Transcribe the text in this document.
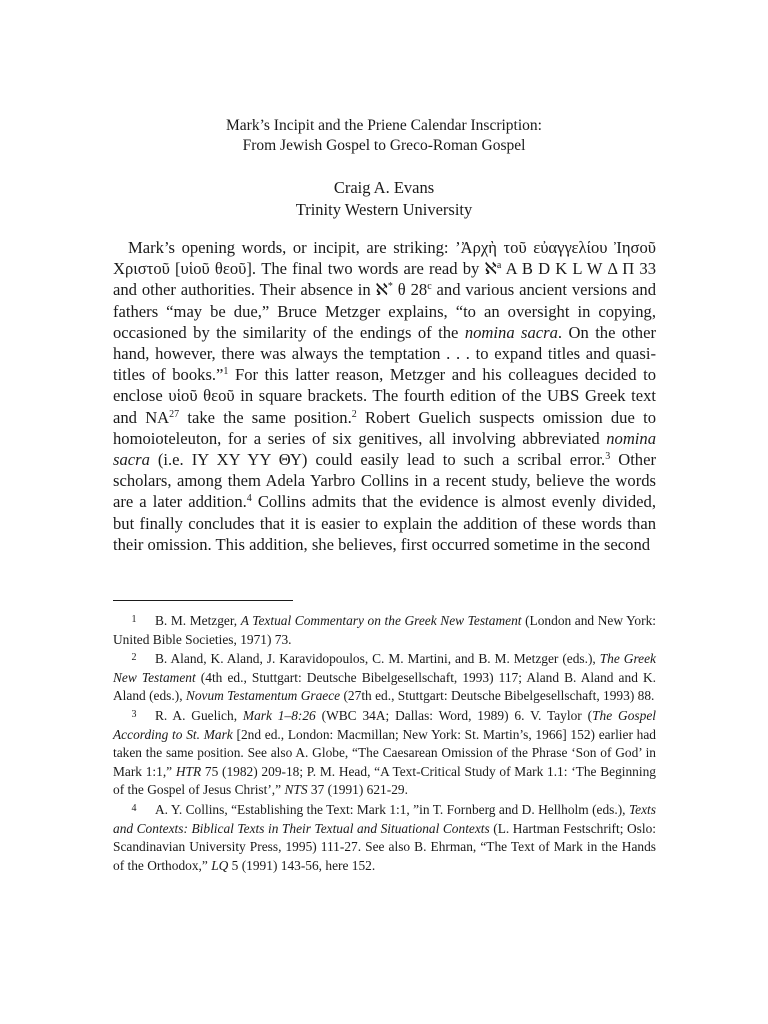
Mark’s Incipit and the Priene Calendar Inscription:
From Jewish Gospel to Greco-Roman Gospel
Craig A. Evans
Trinity Western University

Mark’s opening words, or incipit, are striking: ’Ἀρχὴ τοῦ εὐαγγελίου Ἰησοῦ Χριστοῦ [υἱοῦ θεοῦ]. The final two words are read by ℵ$^a$ A B D K L W Δ Π 33 and other authorities. Their absence in ℵ* θ 28$^c$ and various ancient versions and fathers “may be due,” Bruce Metzger explains, “to an oversight in copying, occasioned by the similarity of the endings of the nomina sacra. On the other hand, however, there was always the temptation . . . to expand titles and quasi-titles of books.”$^1$ For this latter reason, Metzger and his colleagues decided to enclose υἱοῦ θεοῦ in square brackets. The fourth edition of the UBS Greek text and NA$^{27}$ take the same position.$^2$ Robert Guelich suspects omission due to homoioteleuton, for a series of six genitives, all involving abbreviated nomina sacra (i.e. ΙΥ ΧΥ ΥΥ ΘΥ) could easily lead to such a scribal error.$^3$ Other scholars, among them Adela Yarbro Collins in a recent study, believe the words are a later addition.$^4$ Collins admits that the evidence is almost evenly divided, but finally concludes that it is easier to explain the addition of these words than their omission. This addition, she believes, first occurred sometime in the second

1 B. M. Metzger, A Textual Commentary on the Greek New Testament (London and New York: United Bible Societies, 1971) 73.

2 B. Aland, K. Aland, J. Karavidopoulos, C. M. Martini, and B. M. Metzger (eds.), The Greek New Testament (4th ed., Stuttgart: Deutsche Bibelgesellschaft, 1993) 117; Aland B. Aland and K. Aland (eds.), Novum Testamentum Graece (27th ed., Stuttgart: Deutsche Bibelgesellschaft, 1993) 88.

3 R. A. Guelich, Mark 1–8:26 (WBC 34A; Dallas: Word, 1989) 6. V. Taylor (The Gospel According to St. Mark [2nd ed., London: Macmillan; New York: St. Martin’s, 1966] 152) earlier had taken the same position. See also A. Globe, “The Caesarean Omission of the Phrase ‘Son of God’ in Mark 1:1,” HTR 75 (1982) 209-18; P. M. Head, “A Text-Critical Study of Mark 1.1: ‘The Beginning of the Gospel of Jesus Christ’,” NTS 37 (1991) 621-29.

4 A. Y. Collins, “Establishing the Text: Mark 1:1, ”in T. Fornberg and D. Hellholm (eds.), Texts and Contexts: Biblical Texts in Their Textual and Situational Contexts (L. Hartman Festschrift; Oslo: Scandinavian University Press, 1995) 111-27. See also B. Ehrman, “The Text of Mark in the Hands of the Orthodox,” LQ 5 (1991) 143-56, here 152.
